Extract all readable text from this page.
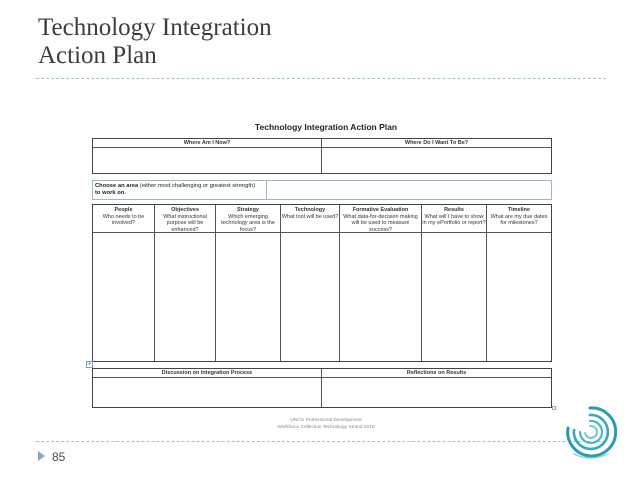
Technology Integration
Action Plan
Technology Integration Action Plan
Where Am I Now?	Where Do I Want To Be?
Choose an area (either most challenging or greatest strength) to work on.
People
Who needs to be involved?
Objectives
What instructional purpose will be enhanced?
Strategy
Which emerging technology area is the focus?
Technology
What tool will be used?
Formative Evaluation
What data-for-decision making will be used to measure success?
Results
What will I have to show in my ePortfolio or report?
Timeline
What are my due dates for milestones?
+
Discussion on Integration Process	Reflections on Results
UNCG Professional Development
Workforce Collection Technology Strand 2010
85
